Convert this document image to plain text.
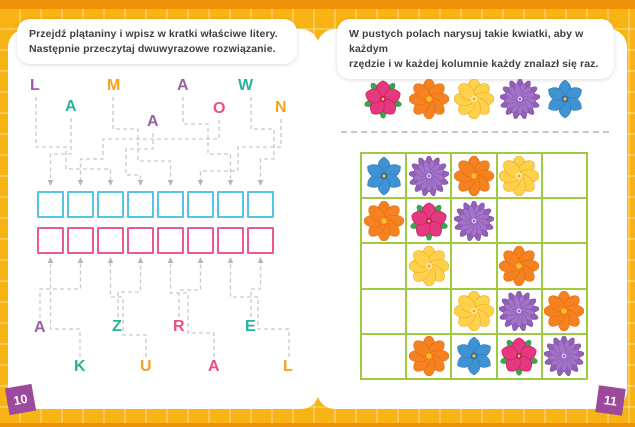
L	M	A	W
A	O	N
A
A	Z	R	E
K	U	A	L
Przejdź plątaniny i wpisz w kratki właściwe litery.
Następnie przeczytaj dwuwyrazowe rozwiązanie.
W pustych polach narysuj takie kwiatki, aby w każdym
rzędzie i w każdej kolumnie każdy znalazł się raz.
10	11
